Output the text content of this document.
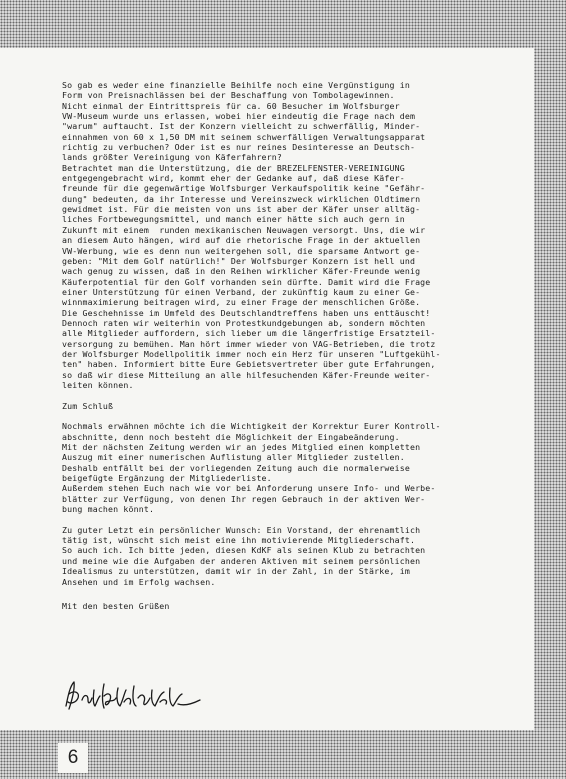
6
So gab es weder eine finanzielle Beihilfe noch eine Vergünstigung in
Form von Preisnachlässen bei der Beschaffung von Tombolagewinnen.
Nicht einmal der Eintrittspreis für ca. 60 Besucher im Wolfsburger
VW-Museum wurde uns erlassen, wobei hier eindeutig die Frage nach dem
"warum" auftaucht. Ist der Konzern vielleicht zu schwerfällig, Minder-
einnahmen von 60 x 1,50 DM mit seinem schwerfälligen Verwaltungsapparat
richtig zu verbuchen? Oder ist es nur reines Desinteresse an Deutsch-
lands größter Vereinigung von Käferfahrern?
Betrachtet man die Unterstützung, die der BREZELFENSTER-VEREINIGUNG
entgegengebracht wird, kommt eher der Gedanke auf, daß diese Käfer-
freunde für die gegenwärtige Wolfsburger Verkaufspolitik keine "Gefähr-
dung" bedeuten, da ihr Interesse und Vereinszweck wirklichen Oldtimern
gewidmet ist. Für die meisten von uns ist aber der Käfer unser alltäg-
liches Fortbewegungsmittel, und manch einer hätte sich auch gern in
Zukunft mit einem  runden mexikanischen Neuwagen versorgt. Uns, die wir
an diesem Auto hängen, wird auf die rhetorische Frage in der aktuellen
VW-Werbung, wie es denn nun weitergehen soll, die sparsame Antwort ge-
geben: "Mit dem Golf natürlich!" Der Wolfsburger Konzern ist hell und
wach genug zu wissen, daß in den Reihen wirklicher Käfer-Freunde wenig
Käuferpotential für den Golf vorhanden sein dürfte. Damit wird die Frage
einer Unterstützung für einen Verband, der zukünftig kaum zu einer Ge-
winnmaximierung beitragen wird, zu einer Frage der menschlichen Größe.
Die Geschehnisse im Umfeld des Deutschlandtreffens haben uns enttäuscht!
Dennoch raten wir weiterhin von Protestkundgebungen ab, sondern möchten
alle Mitglieder auffordern, sich lieber um die längerfristige Ersatzteil-
versorgung zu bemühen. Man hört immer wieder von VAG-Betrieben, die trotz
der Wolfsburger Modellpolitik immer noch ein Herz für unseren "Luftgekühl-
ten" haben. Informiert bitte Eure Gebietsvertreter über gute Erfahrungen,
so daß wir diese Mitteilung an alle hilfesuchenden Käfer-Freunde weiter-
leiten können.
Zum Schluß
Nochmals erwähnen möchte ich die Wichtigkeit der Korrektur Eurer Kontroll-
abschnitte, denn noch besteht die Möglichkeit der Eingabeänderung.
Mit der nächsten Zeitung werden wir an jedes Mitglied einen kompletten
Auszug mit einer numerischen Auflistung aller Mitglieder zustellen.
Deshalb entfällt bei der vorliegenden Zeitung auch die normalerweise
beigefügte Ergänzung der Mitgliederliste.
Außerdem stehen Euch nach wie vor bei Anforderung unsere Info- und Werbe-
blätter zur Verfügung, von denen Ihr regen Gebrauch in der aktiven Wer-
bung machen könnt.
Zu guter Letzt ein persönlicher Wunsch: Ein Vorstand, der ehrenamtlich
tätig ist, wünscht sich meist eine ihn motivierende Mitgliederschaft.
So auch ich. Ich bitte jeden, diesen KdKF als seinen Klub zu betrachten
und meine wie die Aufgaben der anderen Aktiven mit seinem persönlichen
Idealismus zu unterstützen, damit wir in der Zahl, in der Stärke, im
Ansehen und im Erfolg wachsen.
Mit den besten Grüßen
